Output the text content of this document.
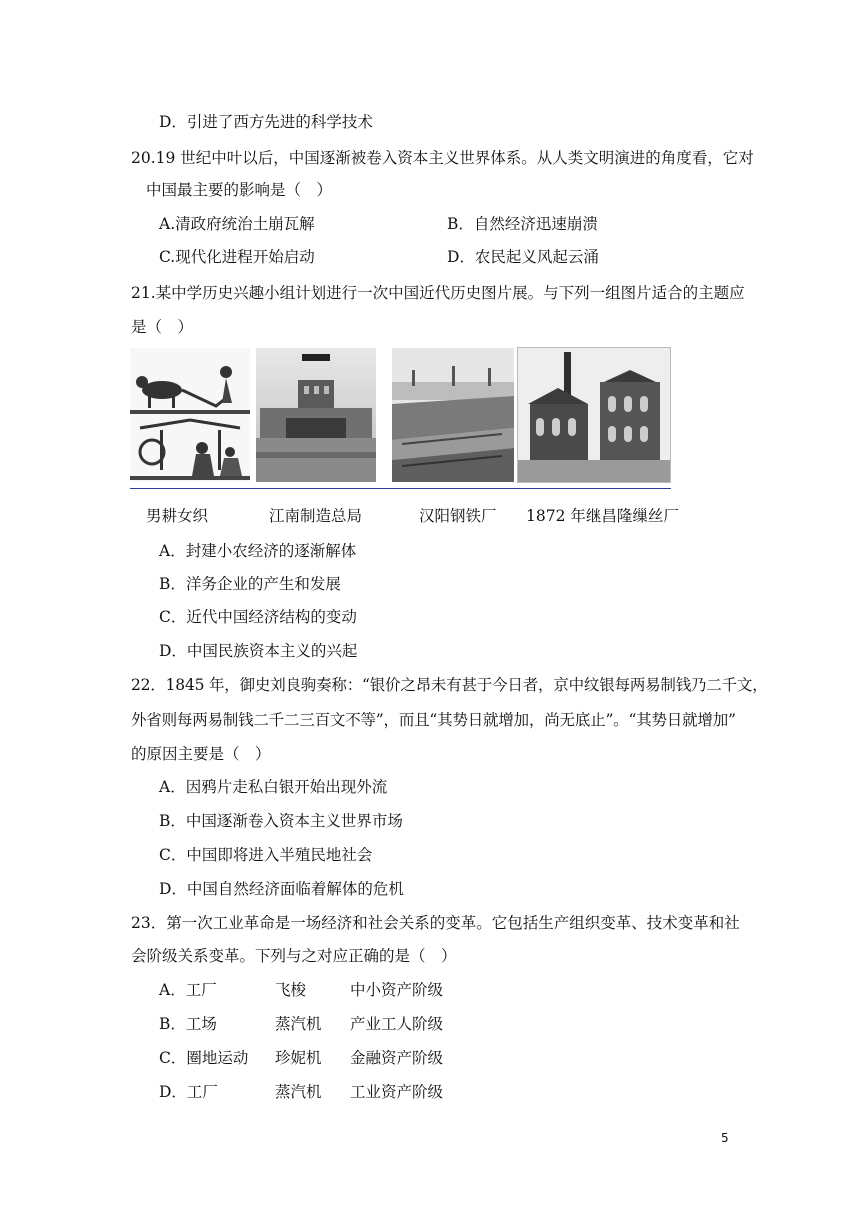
D．引进了西方先进的科学技术
20.19 世纪中叶以后，中国逐渐被卷入资本主义世界体系。从人类文明演进的角度看，它对
中国最主要的影响是（　）
A.清政府统治土崩瓦解	B．自然经济迅速崩溃
C.现代化进程开始启动	D．农民起义风起云涌
21.某中学历史兴趣小组计划进行一次中国近代历史图片展。与下列一组图片适合的主题应
是（　）
男耕女织	江南制造总局	汉阳钢铁厂 1872 年继昌隆缫丝厂
A．封建小农经济的逐渐解体
B．洋务企业的产生和发展
C．近代中国经济结构的变动
D．中国民族资本主义的兴起
22．1845 年，御史刘良驹奏称：“银价之昂未有甚于今日者，京中纹银每两易制钱乃二千文，
外省则每两易制钱二千二三百文不等”，而且“其势日就增加，尚无底止”。“其势日就增加”
的原因主要是（　）
A．因鸦片走私白银开始出现外流
B．中国逐渐卷入资本主义世界市场
C．中国即将进入半殖民地社会
D．中国自然经济面临着解体的危机
23．第一次工业革命是一场经济和社会关系的变革。它包括生产组织变革、技术变革和社
会阶级关系变革。下列与之对应正确的是（　）
A．工厂	飞梭	中小资产阶级
B．工场	蒸汽机 产业工人阶级
C．圈地运动 珍妮机 金融资产阶级
D．工厂	蒸汽机 工业资产阶级
5
